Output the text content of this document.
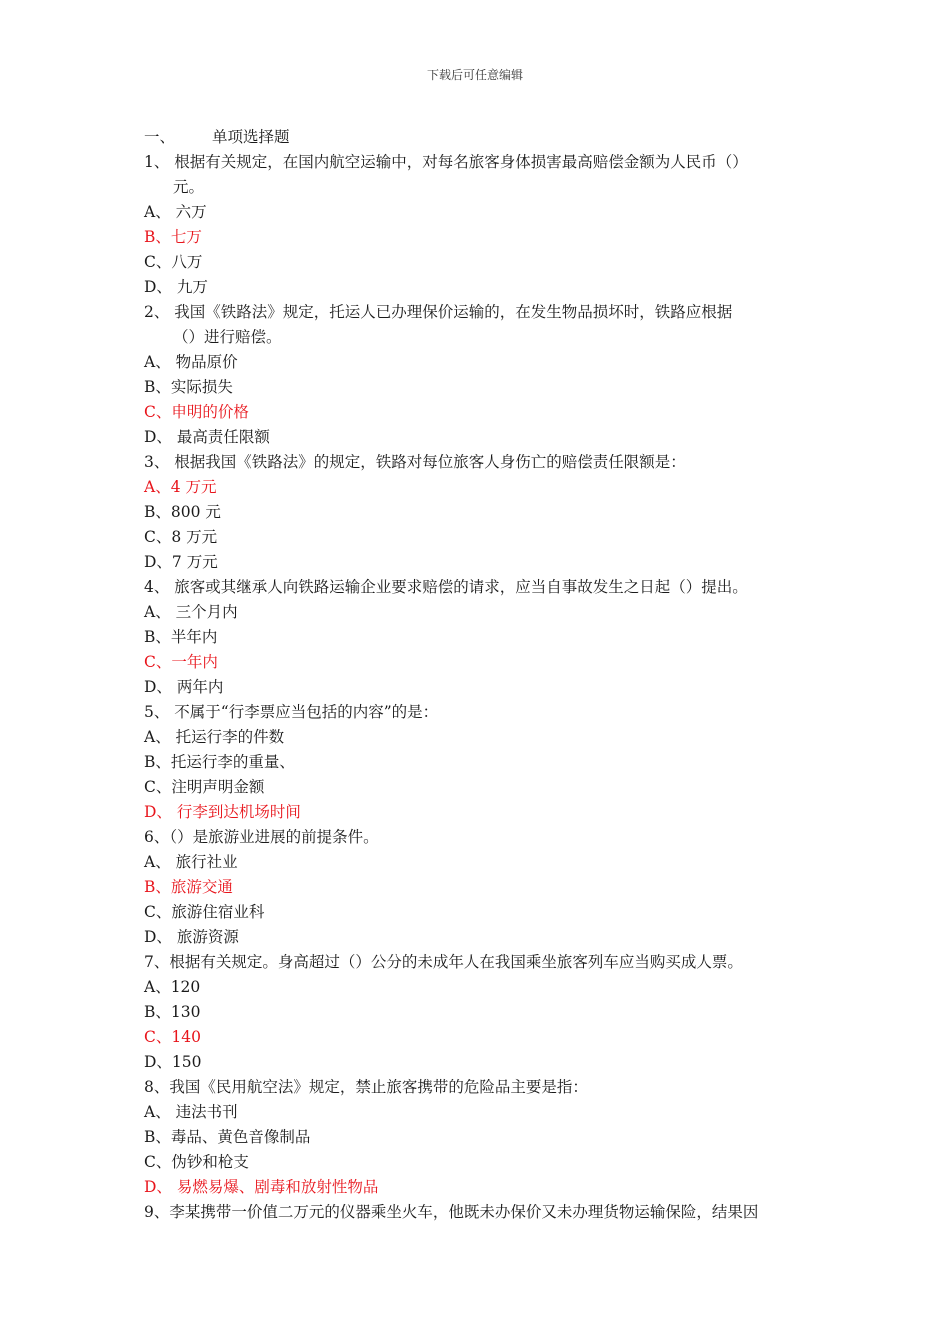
下载后可任意编辑
一、 单项选择题
1、 根据有关规定，在国内航空运输中，对每名旅客身体损害最高赔偿金额为人民币（）
元。
A、 六万
B、七万
C、八万
D、 九万
2、 我国《铁路法》规定，托运人已办理保价运输的，在发生物品损坏时，铁路应根据
（）进行赔偿。
A、 物品原价
B、实际损失
C、申明的价格
D、 最高责任限额
3、 根据我国《铁路法》的规定，铁路对每位旅客人身伤亡的赔偿责任限额是：
A、4 万元
B、800 元
C、8 万元
D、7 万元
4、 旅客或其继承人向铁路运输企业要求赔偿的请求，应当自事故发生之日起（）提出。
A、 三个月内
B、半年内
C、一年内
D、 两年内
5、 不属于“行李票应当包括的内容”的是：
A、 托运行李的件数
B、托运行李的重量、
C、注明声明金额
D、 行李到达机场时间
6、（）是旅游业进展的前提条件。
A、 旅行社业
B、旅游交通
C、旅游住宿业科
D、 旅游资源
7、根据有关规定。身高超过（）公分的未成年人在我国乘坐旅客列车应当购买成人票。
A、120
B、130
C、140
D、150
8、我国《民用航空法》规定，禁止旅客携带的危险品主要是指：
A、 违法书刊
B、毒品、黄色音像制品
C、伪钞和枪支
D、 易燃易爆、剧毒和放射性物品
9、李某携带一价值二万元的仪器乘坐火车，他既未办保价又未办理货物运输保险，结果因
